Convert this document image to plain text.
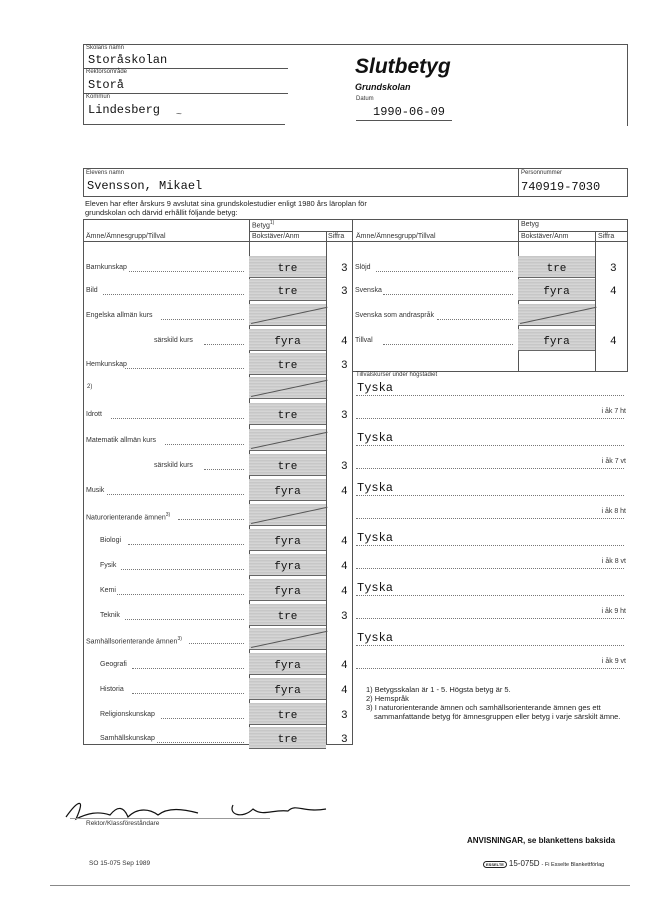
Skolans namn
Storåskolan
Rektorsområde
Storå
Kommun
Lindesberg ~
Slutbetyg
Grundskolan
Datum
1990-06-09
Elevens namn
Svensson, Mikael
Personnummer
740919-7030
Eleven har efter årskurs 9 avslutat sina grundskolestudier enligt 1980 års läroplan för grundskolan och därvid erhållit följande betyg:
Betyg$^{1)}$	Betyg
Ämne/Ämnesgrupp/Tillval	Bokstäver/Anm	Siffra Ämne/Ämnesgrupp/Tillval	Bokstäver/Anm	Siffra
Barnkunskap	tre	3
Bild	tre	3
Engelska allmän kurs
särskild kurs	fyra	4
Hemkunskap	tre	3
Idrott	tre	3
Matematik allmän kurs
särskild kurs	tre	3
Musik	fyra	4
Naturorienterande ämnen$^{3)}$
Biologi	fyra	4
Fysik	fyra	4
Kemi	fyra	4
Teknik	tre	3
Samhällsorienterande ämnen$^{3)}$
Geografi	fyra	4
Historia	fyra	4
Religionskunskap	tre	3
Samhällskunskap	tre	3
2)
Slöjd	tre	3
Svenska	fyra	4
Svenska som andraspråk
Tillval	fyra	4
Tillvalskurser under högstadiet
Tyska
i åk 7 ht
Tyska
i åk 7 vt
Tyska
i åk 8 ht
Tyska
i åk 8 vt
Tyska
i åk 9 ht
Tyska
i åk 9 vt
1) Betygsskalan är 1 - 5. Högsta betyg är 5.
2) Hemspråk
3) I naturorienterande ämnen och samhällsorienterande ämnen ges ett sammanfattande betyg för ämnesgruppen eller betyg i varje särskilt ämne.
Rektor/Klassföreståndare
ANVISNINGAR, se blankettens baksida
SO 15-075 Sep 1989	ESSELTE 15-075D - Fi Esselte Blankettförlag
